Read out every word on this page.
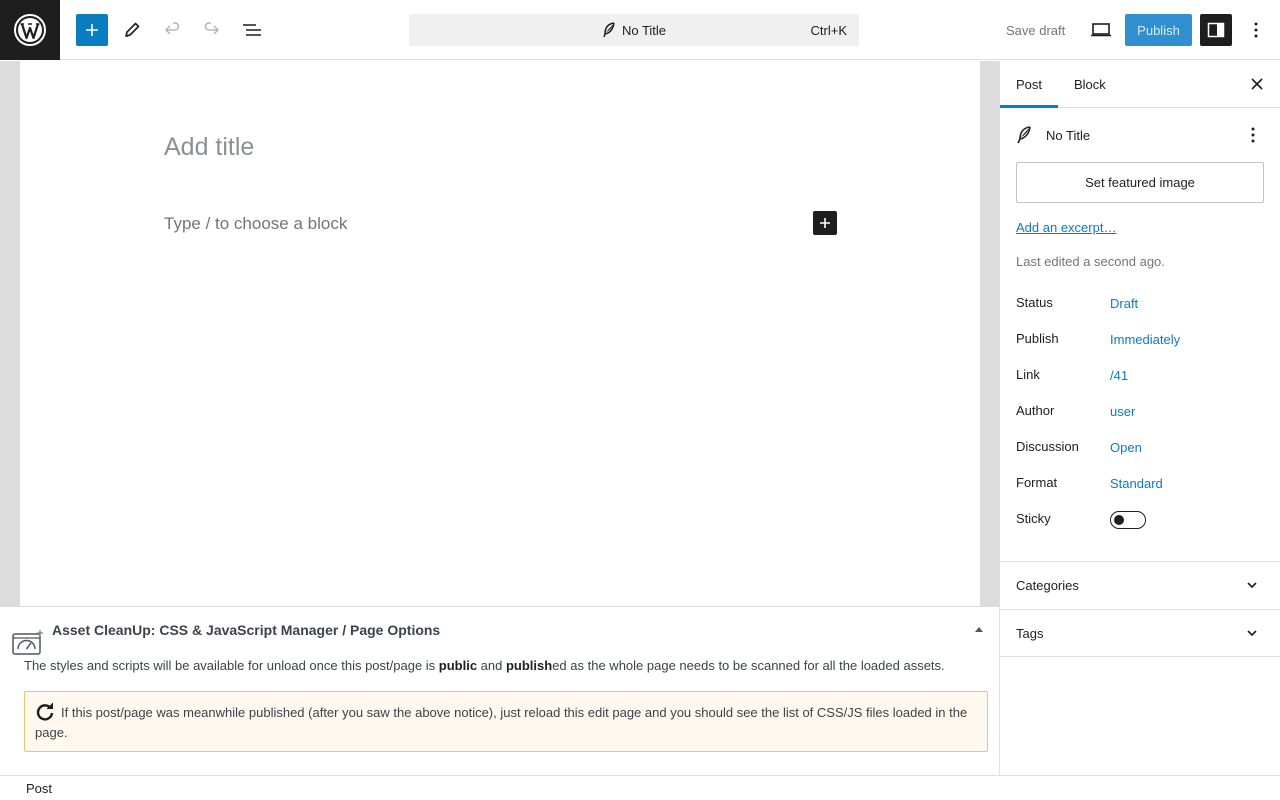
No Title	Ctrl+K	Save draft	Publish
Add title
Type / to choose a block
Asset CleanUp: CSS & JavaScript Manager / Page Options
The styles and scripts will be available for unload once this post/page is public and published as the whole page needs to be scanned for all the loaded assets.
If this post/page was meanwhile published (after you saw the above notice), just reload this edit page and you should see the list of CSS/JS files loaded in the page.
Post
Post	Block
No Title
Set featured image
Add an excerpt…
Last edited a second ago.
Status	Draft
Publish	Immediately
Link	/41
Author	user
Discussion Open
Format	Standard
Sticky
Categories
Tags
